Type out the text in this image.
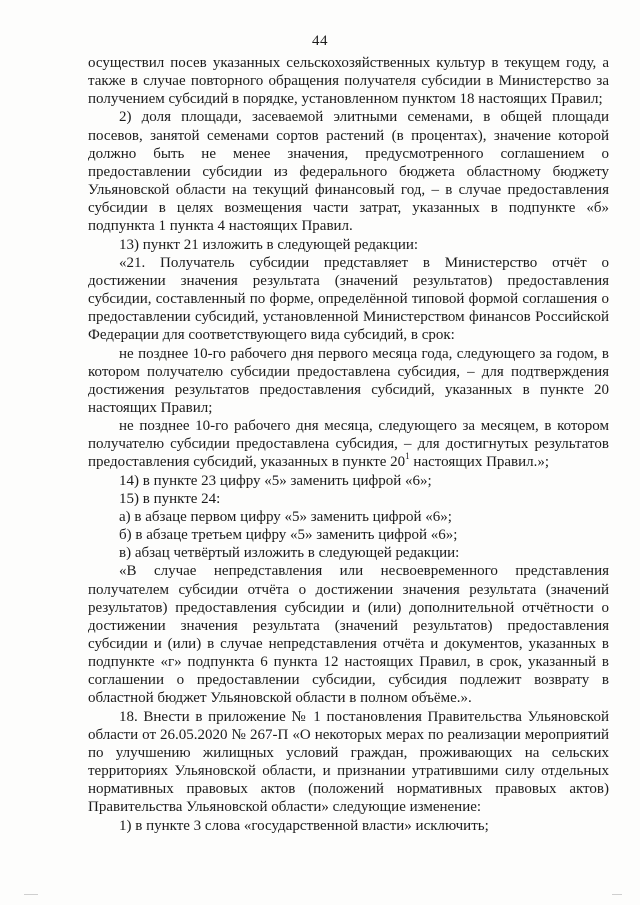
44

осуществил посев указанных сельскохозяйственных культур в текущем году, а также в случае повторного обращения получателя субсидии в Министерство за получением субсидий в порядке, установленном пунктом 18 настоящих Правил;

2) доля площади, засеваемой элитными семенами, в общей площади посевов, занятой семенами сортов растений (в процентах), значение которой должно быть не менее значения, предусмотренного соглашением о предоставлении субсидии из федерального бюджета областному бюджету Ульяновской области на текущий финансовый год, – в случае предоставления субсидии в целях возмещения части затрат, указанных в подпункте «б» подпункта 1 пункта 4 настоящих Правил.

13) пункт 21 изложить в следующей редакции:

«21. Получатель субсидии представляет в Министерство отчёт о достижении значения результата (значений результатов) предоставления субсидии, составленный по форме, определённой типовой формой соглашения о предоставлении субсидий, установленной Министерством финансов Российской Федерации для соответствующего вида субсидий, в срок:

не позднее 10-го рабочего дня первого месяца года, следующего за годом, в котором получателю субсидии предоставлена субсидия, – для подтверждения достижения результатов предоставления субсидий, указанных в пункте 20 настоящих Правил;

не позднее 10-го рабочего дня месяца, следующего за месяцем, в котором получателю субсидии предоставлена субсидия, – для достигнутых результатов предоставления субсидий, указанных в пункте $20^1$ настоящих Правил.»;

14) в пункте 23 цифру «5» заменить цифрой «6»;

15) в пункте 24:

а) в абзаце первом цифру «5» заменить цифрой «6»;

б) в абзаце третьем цифру «5» заменить цифрой «6»;

в) абзац четвёртый изложить в следующей редакции:

«В случае непредставления или несвоевременного представления получателем субсидии отчёта о достижении значения результата (значений результатов) предоставления субсидии и (или) дополнительной отчётности о достижении значения результата (значений результатов) предоставления субсидии и (или) в случае непредставления отчёта и документов, указанных в подпункте «г» подпункта 6 пункта 12 настоящих Правил, в срок, указанный в соглашении о предоставлении субсидии, субсидия подлежит возврату в областной бюджет Ульяновской области в полном объёме.».

18. Внести в приложение № 1 постановления Правительства Ульяновской области от 26.05.2020 № 267-П «О некоторых мерах по реализации мероприятий по улучшению жилищных условий граждан, проживающих на сельских территориях Ульяновской области, и признании утратившими силу отдельных нормативных правовых актов (положений нормативных правовых актов) Правительства Ульяновской области» следующие изменение:

1) в пункте 3 слова «государственной власти» исключить;
